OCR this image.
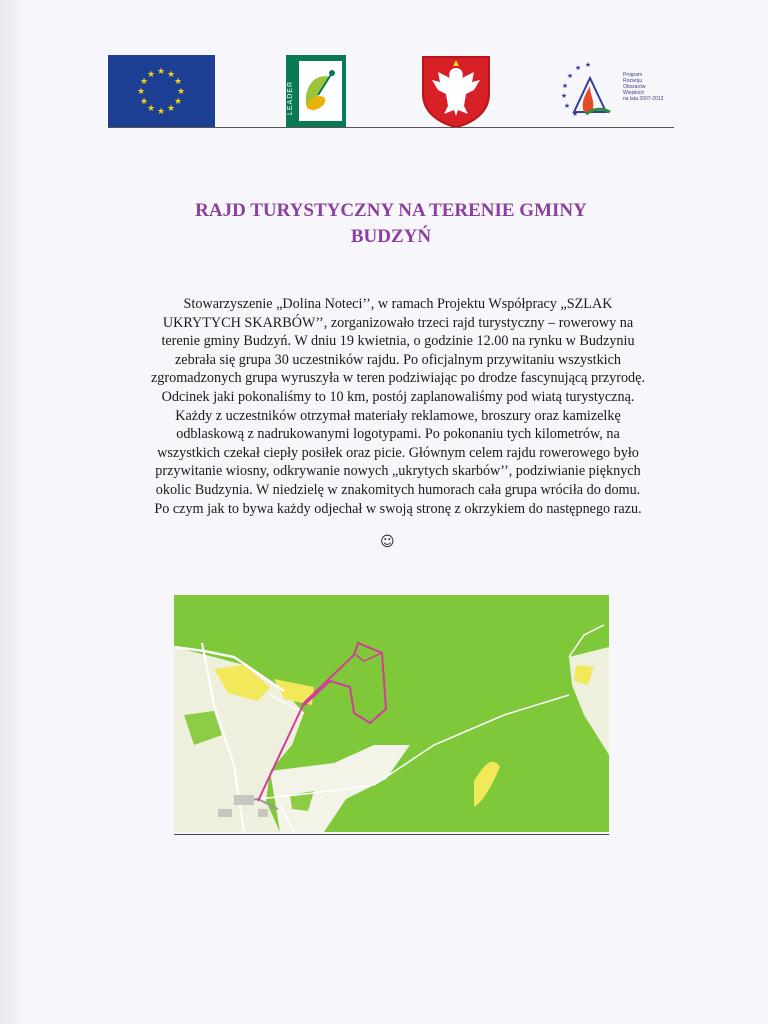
★ ★
★
★
★
★
★
★
★
★
★
★
LEADER
★
★
★
★
★
★ ★
Program
Rozwoju
Obszarów
Wiejskich
na lata 2007-2013
RAJD TURYSTYCZNY NA TERENIE GMINY
BUDZYŃ
Stowarzyszenie „Dolina Noteci’’, w ramach Projektu Współpracy „SZLAK
UKRYTYCH SKARBÓW’’, zorganizowało trzeci rajd turystyczny – rowerowy na
terenie gminy Budzyń. W dniu 19 kwietnia, o godzinie 12.00 na rynku w Budzyniu
zebrała się grupa 30 uczestników rajdu. Po oficjalnym przywitaniu wszystkich
zgromadzonych grupa wyruszyła w teren podziwiając po drodze fascynującą przyrodę.
Odcinek jaki pokonaliśmy to 10 km, postój zaplanowaliśmy pod wiatą turystyczną.
Każdy z uczestników otrzymał materiały reklamowe, broszury oraz kamizelkę
odblaskową z nadrukowanymi logotypami. Po pokonaniu tych kilometrów, na
wszystkich czekał ciepły posiłek oraz picie. Głównym celem rajdu rowerowego było
przywitanie wiosny, odkrywanie nowych „ukrytych skarbów’’, podziwianie pięknych
okolic Budzynia. W niedzielę w znakomitych humorach cała grupa wróciła do domu.
Po czym jak to bywa każdy odjechał w swoją stronę z okrzykiem do następnego razu.
☺
